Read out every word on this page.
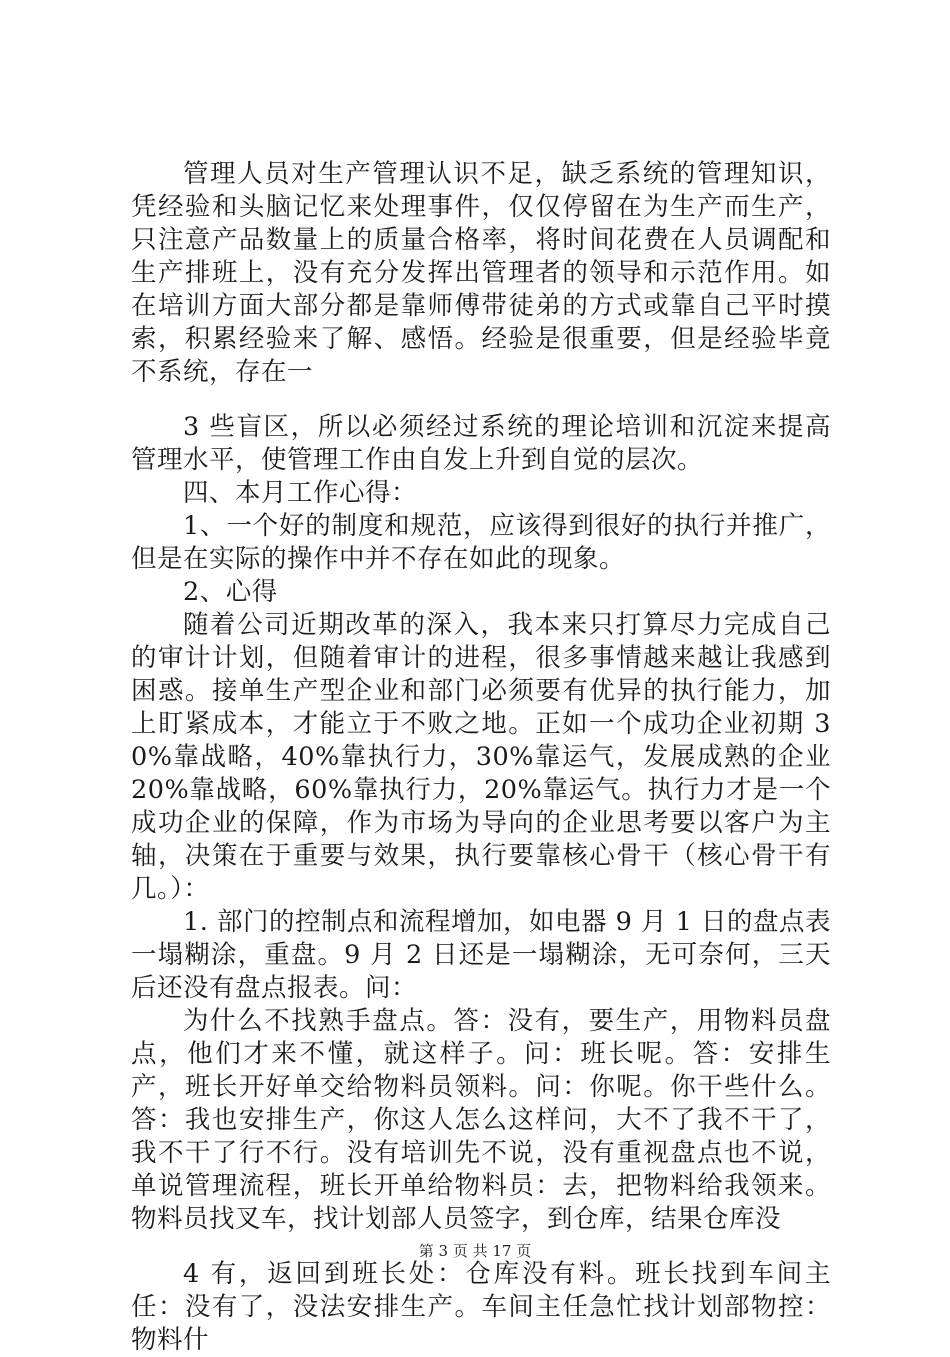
管理人员对生产管理认识不足，缺乏系统的管理知识，凭经验和头脑记忆来处理事件，仅仅停留在为生产而生产，只注意产品数量上的质量合格率，将时间花费在人员调配和生产排班上，没有充分发挥出管理者的领导和示范作用。如在培训方面大部分都是靠师傅带徒弟的方式或靠自己平时摸索，积累经验来了解、感悟。经验是很重要，但是经验毕竟不系统，存在一

3 些盲区，所以必须经过系统的理论培训和沉淀来提高管理水平，使管理工作由自发上升到自觉的层次。

四、本月工作心得：

1、一个好的制度和规范，应该得到很好的执行并推广，但是在实际的操作中并不存在如此的现象。

2、心得

随着公司近期改革的深入，我本来只打算尽力完成自己的审计计划，但随着审计的进程，很多事情越来越让我感到困惑。接单生产型企业和部门必须要有优异的执行能力，加上盯紧成本，才能立于不败之地。正如一个成功企业初期 30%靠战略，40%靠执行力，30%靠运气，发展成熟的企业 20%靠战略，60%靠执行力，20%靠运气。执行力才是一个成功企业的保障，作为市场为导向的企业思考要以客户为主轴，决策在于重要与效果，执行要靠核心骨干（核心骨干有几。）：

1. 部门的控制点和流程增加，如电器 9 月 1 日的盘点表一塌糊涂，重盘。9 月 2 日还是一塌糊涂，无可奈何，三天后还没有盘点报表。问：

为什么不找熟手盘点。答：没有，要生产，用物料员盘点，他们才来不懂，就这样子。问：班长呢。答：安排生产，班长开好单交给物料员领料。问：你呢。你干些什么。答：我也安排生产，你这人怎么这样问，大不了我不干了，我不干了行不行。没有培训先不说，没有重视盘点也不说，单说管理流程，班长开单给物料员：去，把物料给我领来。物料员找叉车，找计划部人员签字，到仓库，结果仓库没

4 有，返回到班长处：仓库没有料。班长找到车间主任：没有了，没法安排生产。车间主任急忙找计划部物控：物料什

第 3 页 共 17 页
